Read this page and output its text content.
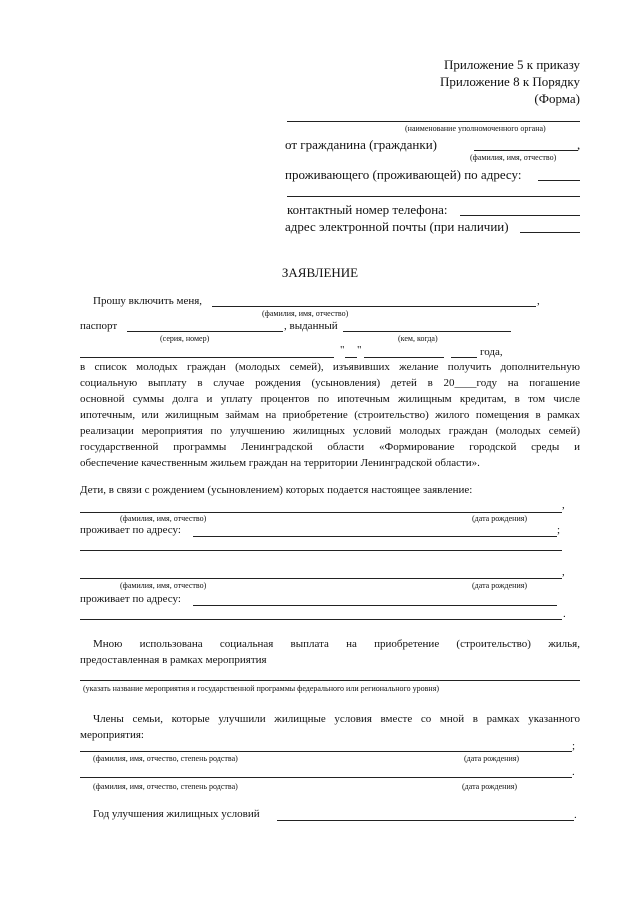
Приложение 5 к приказу
Приложение 8 к Порядку
(Форма)
(наименование уполномоченного органа)
от гражданина (гражданки)	,
(фамилия, имя, отчество)
проживающего (проживающей) по адресу:
контактный номер телефона:
адрес электронной почты (при наличии)
ЗАЯВЛЕНИЕ
Прошу включить меня,	,
(фамилия, имя, отчество)
паспорт	, выданный
(серия, номер)	(кем, когда)
" "	года,
в список молодых граждан (молодых семей), изъявивших желание получить дополнительную
социальную выплату в случае рождения (усыновления) детей в 20____году на погашение
основной суммы долга и уплату процентов по ипотечным жилищным кредитам, в том числе
ипотечным, или жилищным займам на приобретение (строительство) жилого помещения в рамках
реализации мероприятия по улучшению жилищных условий молодых граждан (молодых семей)
государственной программы Ленинградской области «Формирование городской среды и
обеспечение качественным жильем граждан на территории Ленинградской области».
Дети, в связи с рождением (усыновлением) которых подается настоящее заявление:
,
(фамилия, имя, отчество)	(дата рождения)
проживает по адресу:	;
,
(фамилия, имя, отчество)	(дата рождения)
проживает по адресу:
.
Мною использована социальная выплата на приобретение (строительство) жилья,
предоставленная в рамках мероприятия
(указать название мероприятия и государственной программы федерального или регионального уровня)
Члены семьи, которые улучшили жилищные условия вместе со мной в рамках указанного
мероприятия:
;
(фамилия, имя, отчество, степень родства)	(дата рождения)
.
(фамилия, имя, отчество, степень родства)	(дата рождения)
Год улучшения жилищных условий	.
